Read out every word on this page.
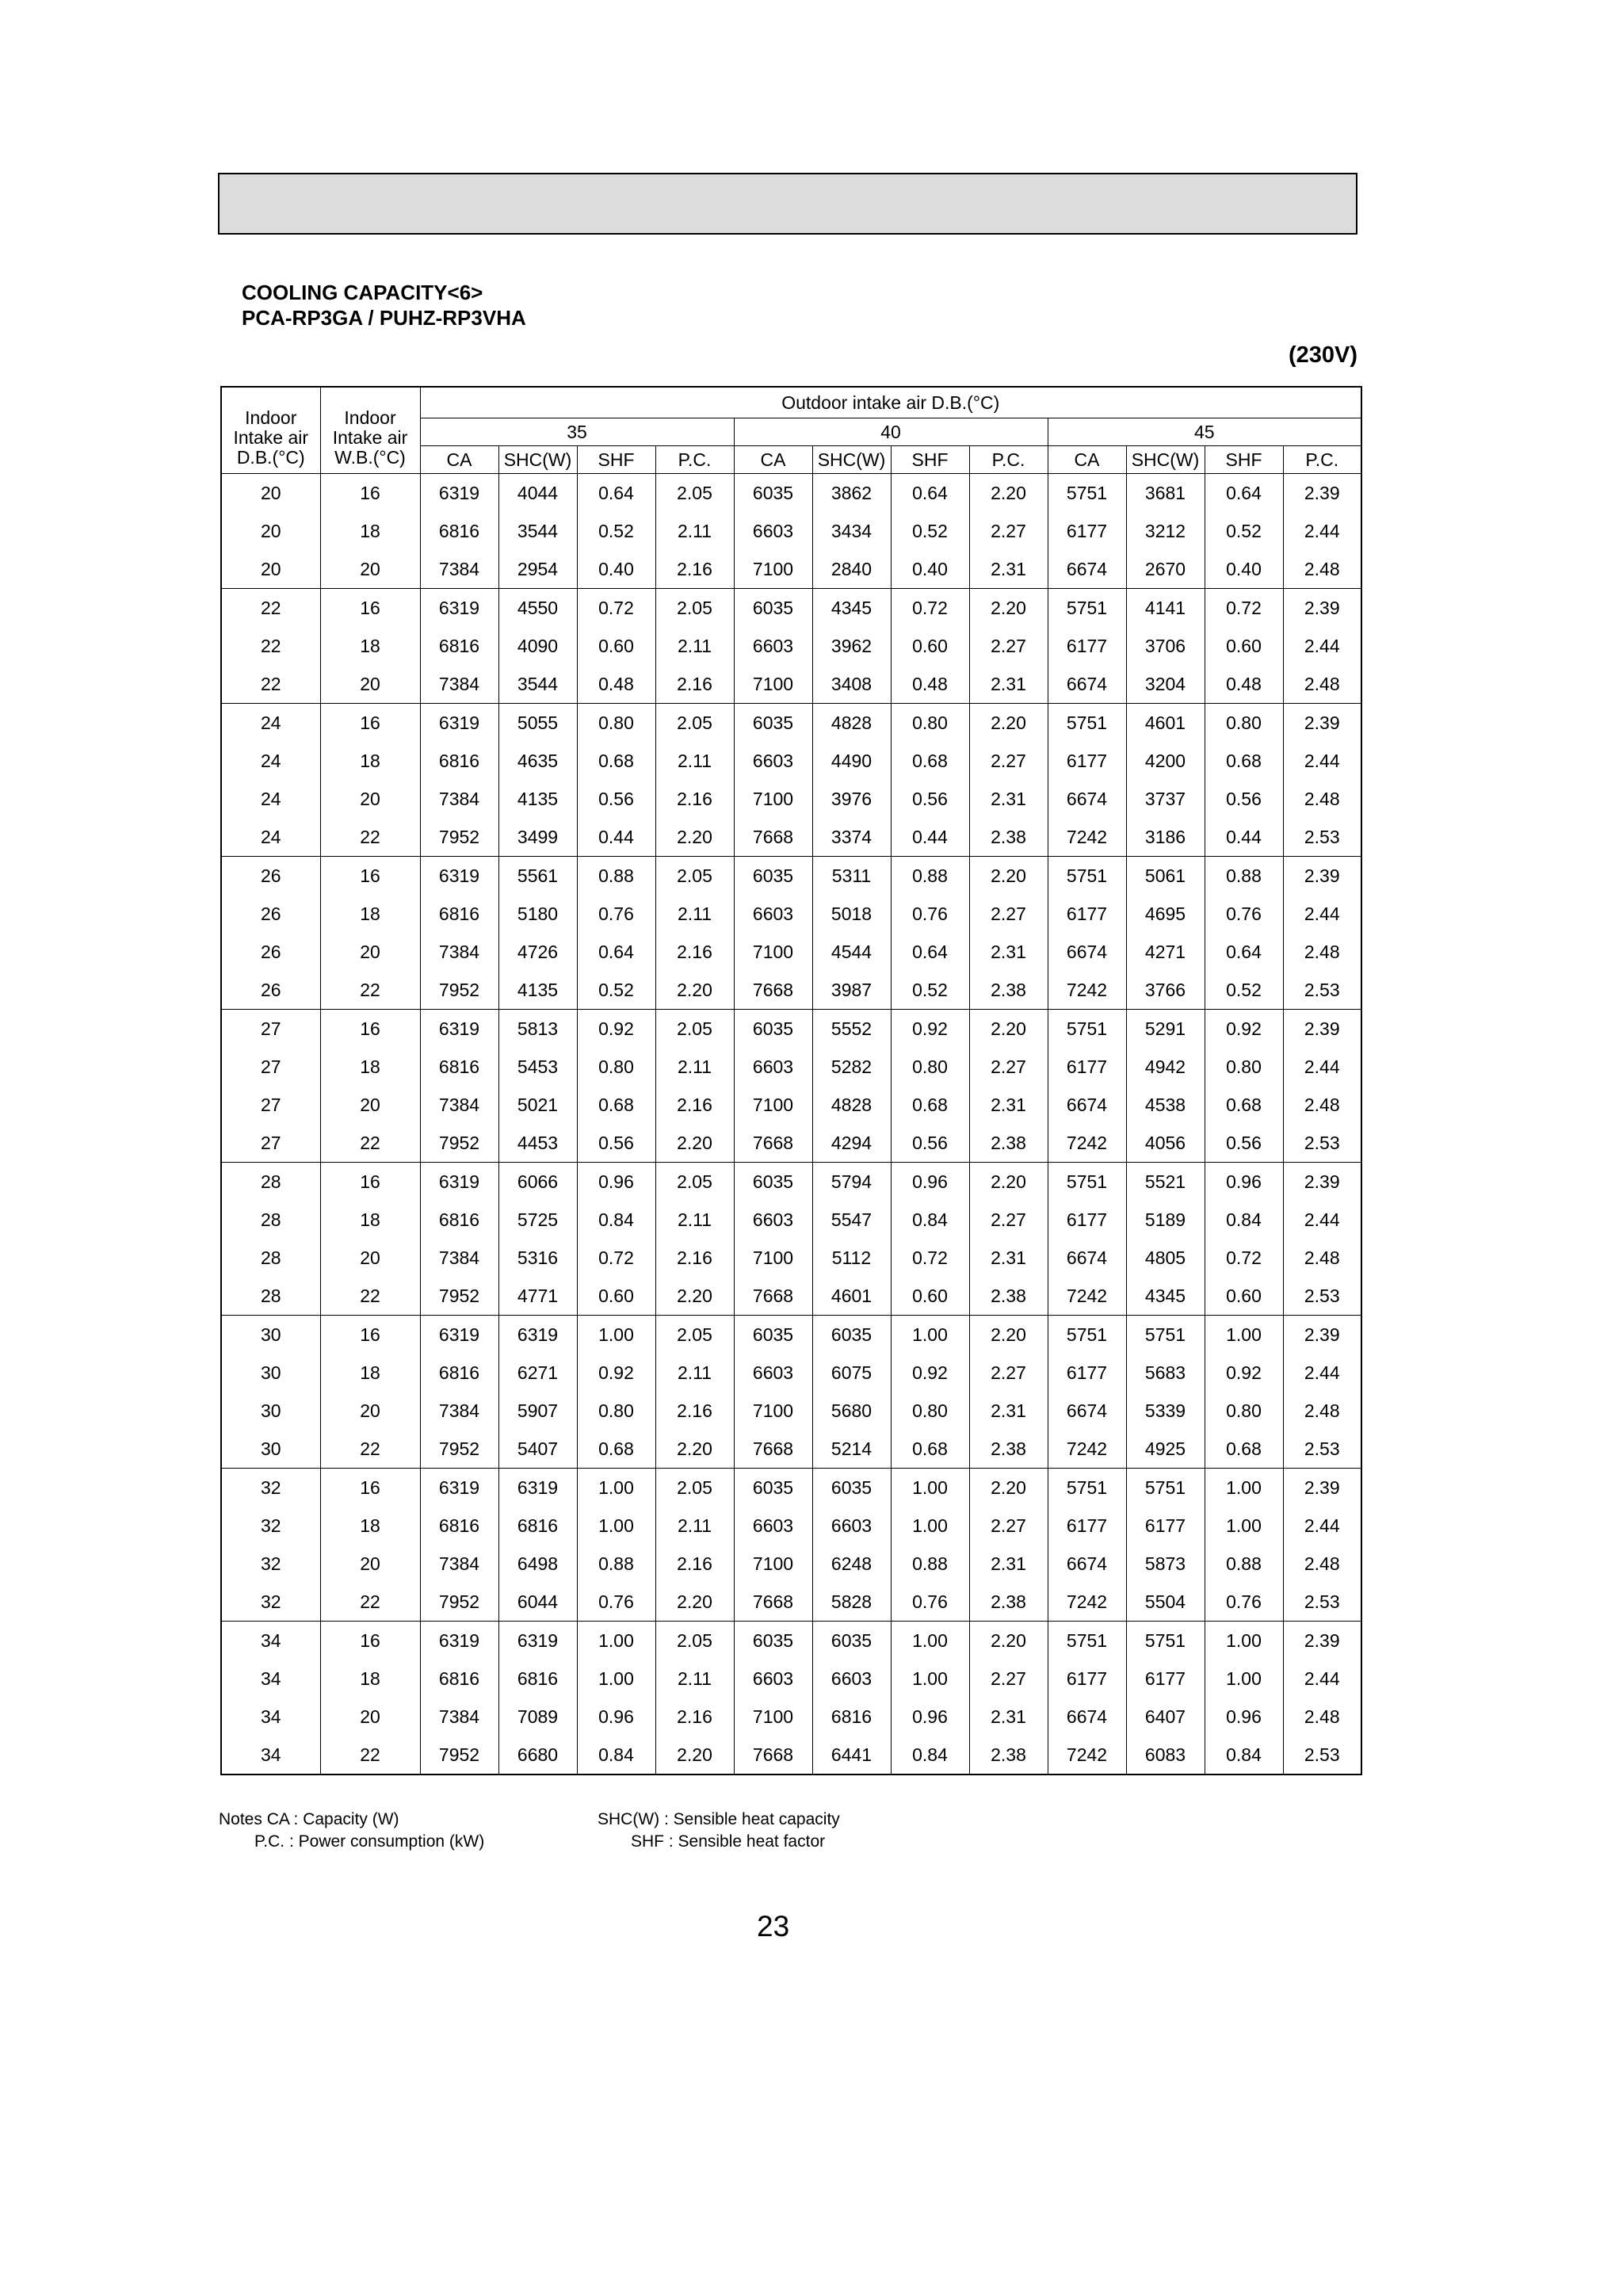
COOLING CAPACITY<6>
PCA-RP3GA / PUHZ-RP3VHA
(230V)
Indoor
Intake air
D.B.(°C)	Indoor
Intake air
W.B.(°C)	Outdoor intake air D.B.(°C)											
		35				40				45			
		CA	SHC(W)	SHF	P.C.	CA	SHC(W)	SHF	P.C.	CA	SHC(W)	SHF	P.C.
20	16	6319	4044	0.64	2.05	6035	3862	0.64	2.20	5751	3681	0.64	2.39
20	18	6816	3544	0.52	2.11	6603	3434	0.52	2.27	6177	3212	0.52	2.44
20	20	7384	2954	0.40	2.16	7100	2840	0.40	2.31	6674	2670	0.40	2.48
22	16	6319	4550	0.72	2.05	6035	4345	0.72	2.20	5751	4141	0.72	2.39
22	18	6816	4090	0.60	2.11	6603	3962	0.60	2.27	6177	3706	0.60	2.44
22	20	7384	3544	0.48	2.16	7100	3408	0.48	2.31	6674	3204	0.48	2.48
24	16	6319	5055	0.80	2.05	6035	4828	0.80	2.20	5751	4601	0.80	2.39
24	18	6816	4635	0.68	2.11	6603	4490	0.68	2.27	6177	4200	0.68	2.44
24	20	7384	4135	0.56	2.16	7100	3976	0.56	2.31	6674	3737	0.56	2.48
24	22	7952	3499	0.44	2.20	7668	3374	0.44	2.38	7242	3186	0.44	2.53
26	16	6319	5561	0.88	2.05	6035	5311	0.88	2.20	5751	5061	0.88	2.39
26	18	6816	5180	0.76	2.11	6603	5018	0.76	2.27	6177	4695	0.76	2.44
26	20	7384	4726	0.64	2.16	7100	4544	0.64	2.31	6674	4271	0.64	2.48
26	22	7952	4135	0.52	2.20	7668	3987	0.52	2.38	7242	3766	0.52	2.53
27	16	6319	5813	0.92	2.05	6035	5552	0.92	2.20	5751	5291	0.92	2.39
27	18	6816	5453	0.80	2.11	6603	5282	0.80	2.27	6177	4942	0.80	2.44
27	20	7384	5021	0.68	2.16	7100	4828	0.68	2.31	6674	4538	0.68	2.48
27	22	7952	4453	0.56	2.20	7668	4294	0.56	2.38	7242	4056	0.56	2.53
28	16	6319	6066	0.96	2.05	6035	5794	0.96	2.20	5751	5521	0.96	2.39
28	18	6816	5725	0.84	2.11	6603	5547	0.84	2.27	6177	5189	0.84	2.44
28	20	7384	5316	0.72	2.16	7100	5112	0.72	2.31	6674	4805	0.72	2.48
28	22	7952	4771	0.60	2.20	7668	4601	0.60	2.38	7242	4345	0.60	2.53
30	16	6319	6319	1.00	2.05	6035	6035	1.00	2.20	5751	5751	1.00	2.39
30	18	6816	6271	0.92	2.11	6603	6075	0.92	2.27	6177	5683	0.92	2.44
30	20	7384	5907	0.80	2.16	7100	5680	0.80	2.31	6674	5339	0.80	2.48
30	22	7952	5407	0.68	2.20	7668	5214	0.68	2.38	7242	4925	0.68	2.53
32	16	6319	6319	1.00	2.05	6035	6035	1.00	2.20	5751	5751	1.00	2.39
32	18	6816	6816	1.00	2.11	6603	6603	1.00	2.27	6177	6177	1.00	2.44
32	20	7384	6498	0.88	2.16	7100	6248	0.88	2.31	6674	5873	0.88	2.48
32	22	7952	6044	0.76	2.20	7668	5828	0.76	2.38	7242	5504	0.76	2.53
34	16	6319	6319	1.00	2.05	6035	6035	1.00	2.20	5751	5751	1.00	2.39
34	18	6816	6816	1.00	2.11	6603	6603	1.00	2.27	6177	6177	1.00	2.44
34	20	7384	7089	0.96	2.16	7100	6816	0.96	2.31	6674	6407	0.96	2.48
34	22	7952	6680	0.84	2.20	7668	6441	0.84	2.38	7242	6083	0.84	2.53
Notes CA : Capacity (W)	SHC(W) : Sensible heat capacity
P.C. : Power consumption (kW)	SHF : Sensible heat factor
23
